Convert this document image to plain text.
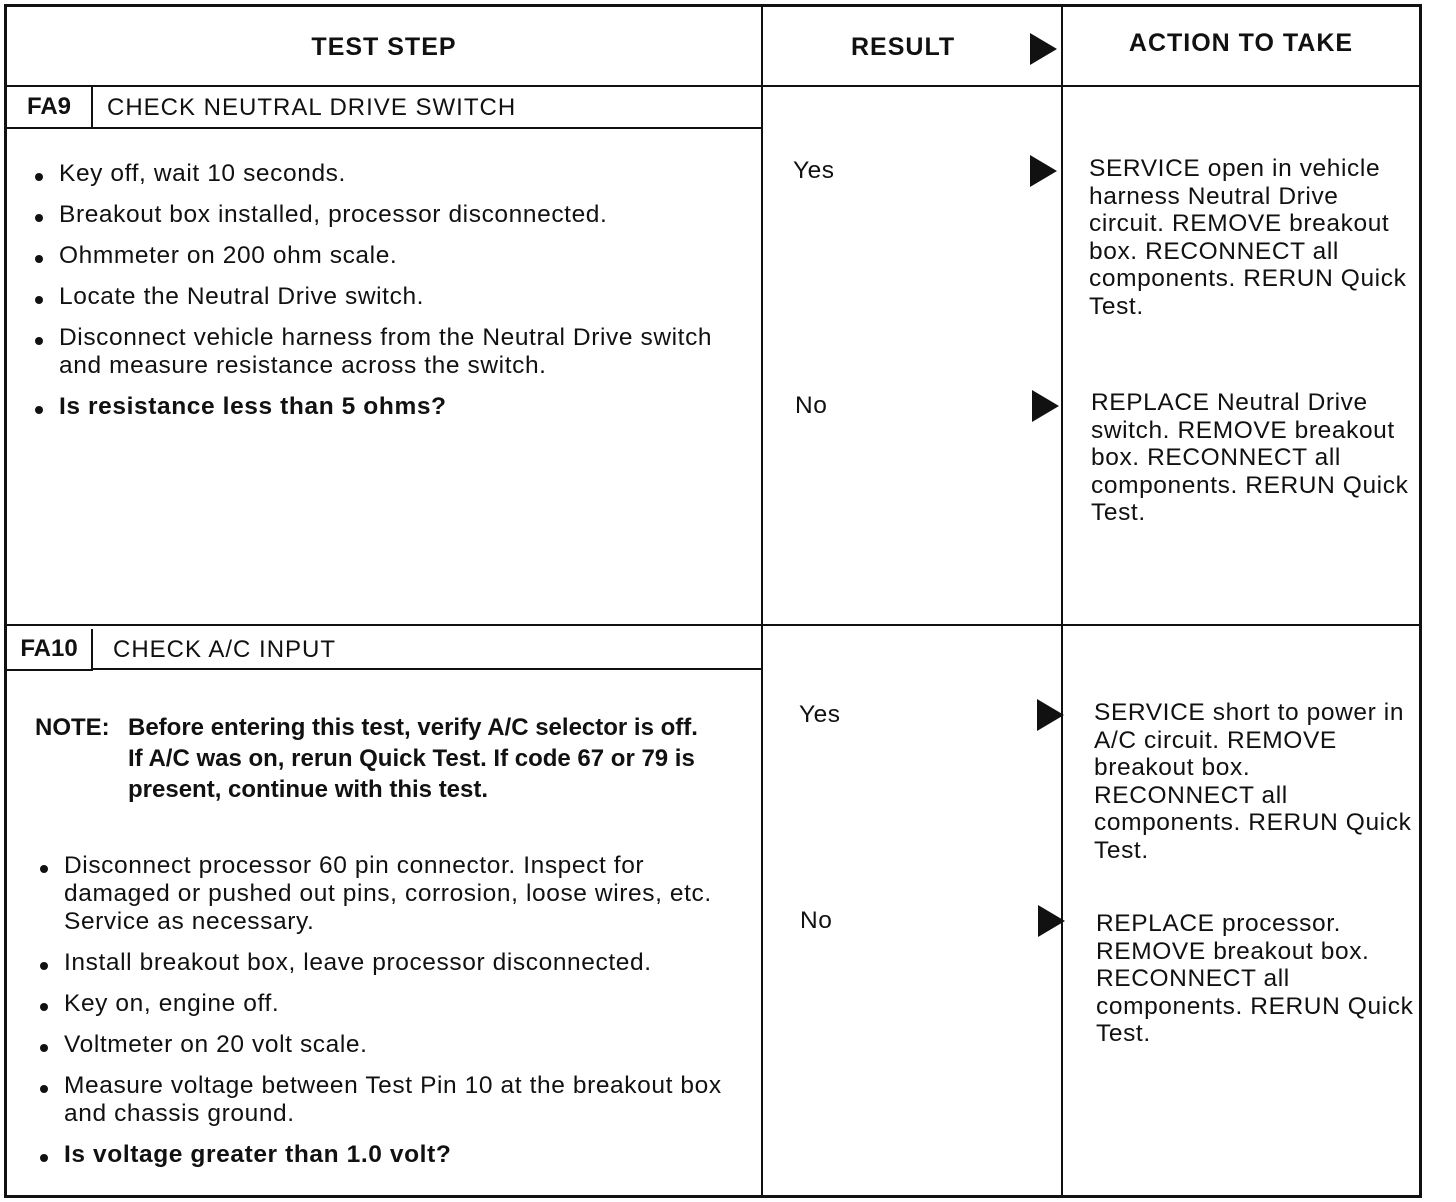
TEST STEP	RESULT	ACTION TO TAKE
FA9	CHECK NEUTRAL DRIVE SWITCH
Key off, wait 10 seconds.
Breakout box installed, processor disconnected.
Ohmmeter on 200 ohm scale.
Locate the Neutral Drive switch.
Disconnect vehicle harness from the Neutral Drive switch and measure resistance across the switch.
Is resistance less than 5 ohms?
Yes	SERVICE open in vehicle harness Neutral Drive circuit. REMOVE breakout box. RECONNECT all components. RERUN Quick Test.
No	REPLACE Neutral Drive switch. REMOVE breakout box. RECONNECT all components. RERUN Quick Test.
FA10	CHECK A/C INPUT
NOTE: Before entering this test, verify A/C selector is off. If A/C was on, rerun Quick Test. If code 67 or 79 is present, continue with this test.
Disconnect processor 60 pin connector. Inspect for damaged or pushed out pins, corrosion, loose wires, etc. Service as necessary.
Install breakout box, leave processor disconnected.
Key on, engine off.
Voltmeter on 20 volt scale.
Measure voltage between Test Pin 10 at the breakout box and chassis ground.
Is voltage greater than 1.0 volt?
Yes	SERVICE short to power in A/C circuit. REMOVE breakout box. RECONNECT all components. RERUN Quick Test.
No	REPLACE processor. REMOVE breakout box. RECONNECT all components. RERUN Quick Test.
